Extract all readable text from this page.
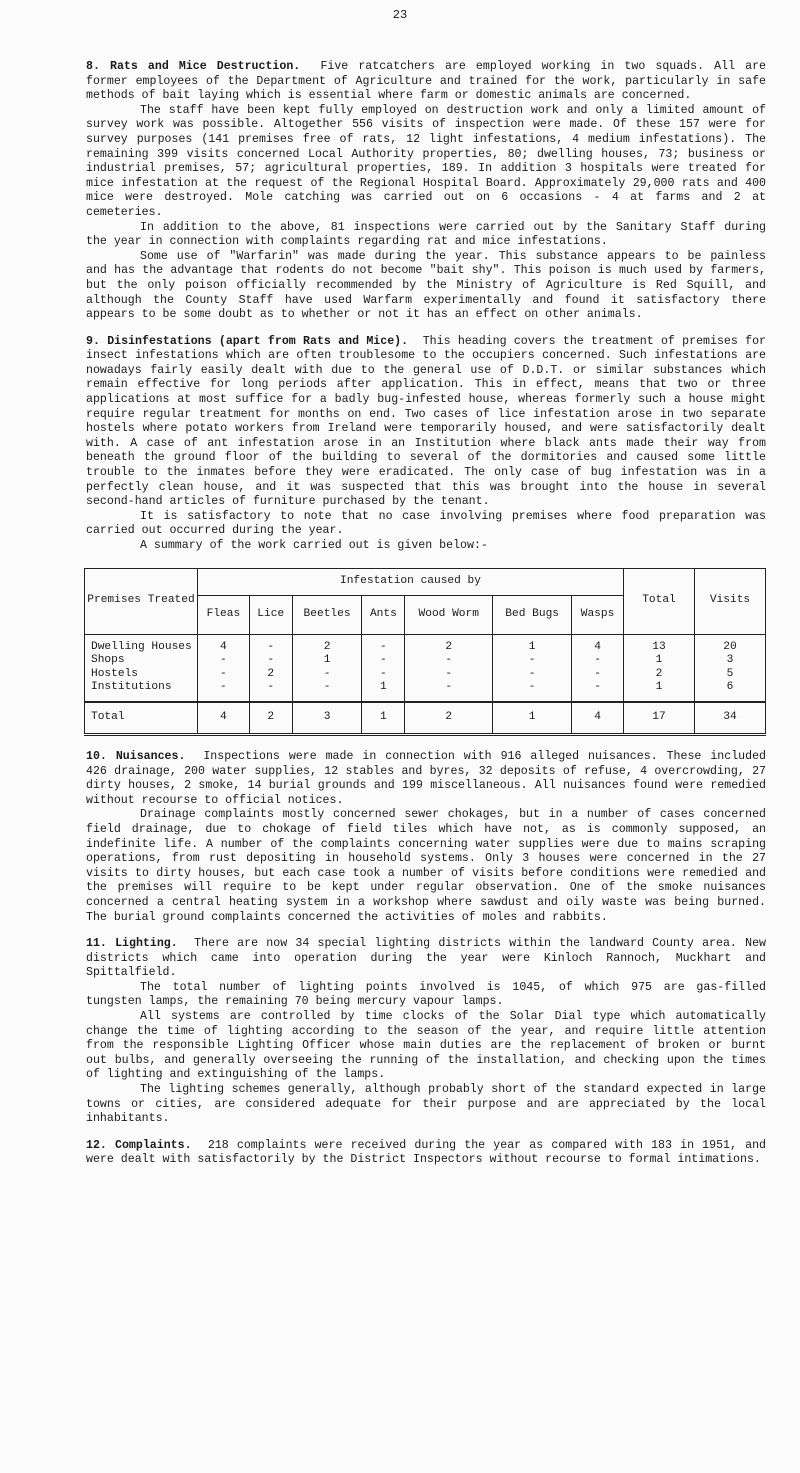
23

8. Rats and Mice Destruction. Five ratcatchers are employed working in two squads. All are former employees of the Department of Agriculture and trained for the work, particularly in safe methods of bait laying which is essential where farm or domestic animals are concerned.

The staff have been kept fully employed on destruction work and only a limited amount of survey work was possible. Altogether 556 visits of inspection were made. Of these 157 were for survey purposes (141 premises free of rats, 12 light infestations, 4 medium infestations). The remaining 399 visits concerned Local Authority properties, 80; dwelling houses, 73; business or industrial premises, 57; agricultural properties, 189. In addition 3 hospitals were treated for mice infestation at the request of the Regional Hospital Board. Approximately 29,000 rats and 400 mice were destroyed. Mole catching was carried out on 6 occasions - 4 at farms and 2 at cemeteries.

In addition to the above, 81 inspections were carried out by the Sanitary Staff during the year in connection with complaints regarding rat and mice infestations.

Some use of "Warfarin" was made during the year. This substance appears to be painless and has the advantage that rodents do not become "bait shy". This poison is much used by farmers, but the only poison officially recommended by the Ministry of Agriculture is Red Squill, and although the County Staff have used Warfarm experimentally and found it satisfactory there appears to be some doubt as to whether or not it has an effect on other animals.

9. Disinfestations (apart from Rats and Mice). This heading covers the treatment of premises for insect infestations which are often troublesome to the occupiers concerned. Such infestations are nowadays fairly easily dealt with due to the general use of D.D.T. or similar substances which remain effective for long periods after application. This in effect, means that two or three applications at most suffice for a badly bug-infested house, whereas formerly such a house might require regular treatment for months on end. Two cases of lice infestation arose in two separate hostels where potato workers from Ireland were temporarily housed, and were satisfactorily dealt with. A case of ant infestation arose in an Institution where black ants made their way from beneath the ground floor of the building to several of the dormitories and caused some little trouble to the inmates before they were eradicated. The only case of bug infestation was in a perfectly clean house, and it was suspected that this was brought into the house in several second-hand articles of furniture purchased by the tenant.

It is satisfactory to note that no case involving premises where food preparation was carried out occurred during the year.

A summary of the work carried out is given below:-

Premises Treated	Infestation caused by							Total	Visits
	Fleas	Lice	Beetles	Ants	Wood Worm	Bed Bugs	Wasps		
Dwelling Houses	4	-	2	-	2	1	4	13	20
Shops	-	-	1	-	-	-	-	1	3
Hostels	-	2	-	-	-	-	-	2	5
Institutions	-	-	-	1	-	-	-	1	6
Total	4	2	3	1	2	1	4	17	34

10. Nuisances. Inspections were made in connection with 916 alleged nuisances. These included 426 drainage, 200 water supplies, 12 stables and byres, 32 deposits of refuse, 4 overcrowding, 27 dirty houses, 2 smoke, 14 burial grounds and 199 miscellaneous. All nuisances found were remedied without recourse to official notices.

Drainage complaints mostly concerned sewer chokages, but in a number of cases concerned field drainage, due to chokage of field tiles which have not, as is commonly supposed, an indefinite life. A number of the complaints concerning water supplies were due to mains scraping operations, from rust depositing in household systems. Only 3 houses were concerned in the 27 visits to dirty houses, but each case took a number of visits before conditions were remedied and the premises will require to be kept under regular observation. One of the smoke nuisances concerned a central heating system in a workshop where sawdust and oily waste was being burned. The burial ground complaints concerned the activities of moles and rabbits.

11. Lighting. There are now 34 special lighting districts within the landward County area. New districts which came into operation during the year were Kinloch Rannoch, Muckhart and Spittalfield.

The total number of lighting points involved is 1045, of which 975 are gas-filled tungsten lamps, the remaining 70 being mercury vapour lamps.

All systems are controlled by time clocks of the Solar Dial type which automatically change the time of lighting according to the season of the year, and require little attention from the responsible Lighting Officer whose main duties are the replacement of broken or burnt out bulbs, and generally overseeing the running of the installation, and checking upon the times of lighting and extinguishing of the lamps.

The lighting schemes generally, although probably short of the standard expected in large towns or cities, are considered adequate for their purpose and are appreciated by the local inhabitants.

12. Complaints. 218 complaints were received during the year as compared with 183 in 1951, and were dealt with satisfactorily by the District Inspectors without recourse to formal intimations.
